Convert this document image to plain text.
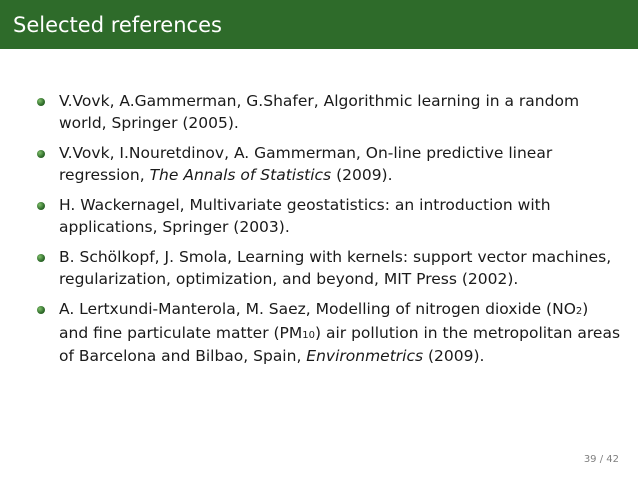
Selected references
V.Vovk, A.Gammerman, G.Shafer, Algorithmic learning in a random world, Springer (2005).
V.Vovk, I.Nouretdinov, A. Gammerman, On-line predictive linear regression, The Annals of Statistics (2009).
H. Wackernagel, Multivariate geostatistics: an introduction with applications, Springer (2003).
B. Schölkopf, J. Smola, Learning with kernels: support vector machines, regularization, optimization, and beyond, MIT Press (2002).
A. Lertxundi-Manterola, M. Saez, Modelling of nitrogen dioxide (NO2) and fine particulate matter (PM10) air pollution in the metropolitan areas of Barcelona and Bilbao, Spain, Environmetrics (2009).
39 / 42
